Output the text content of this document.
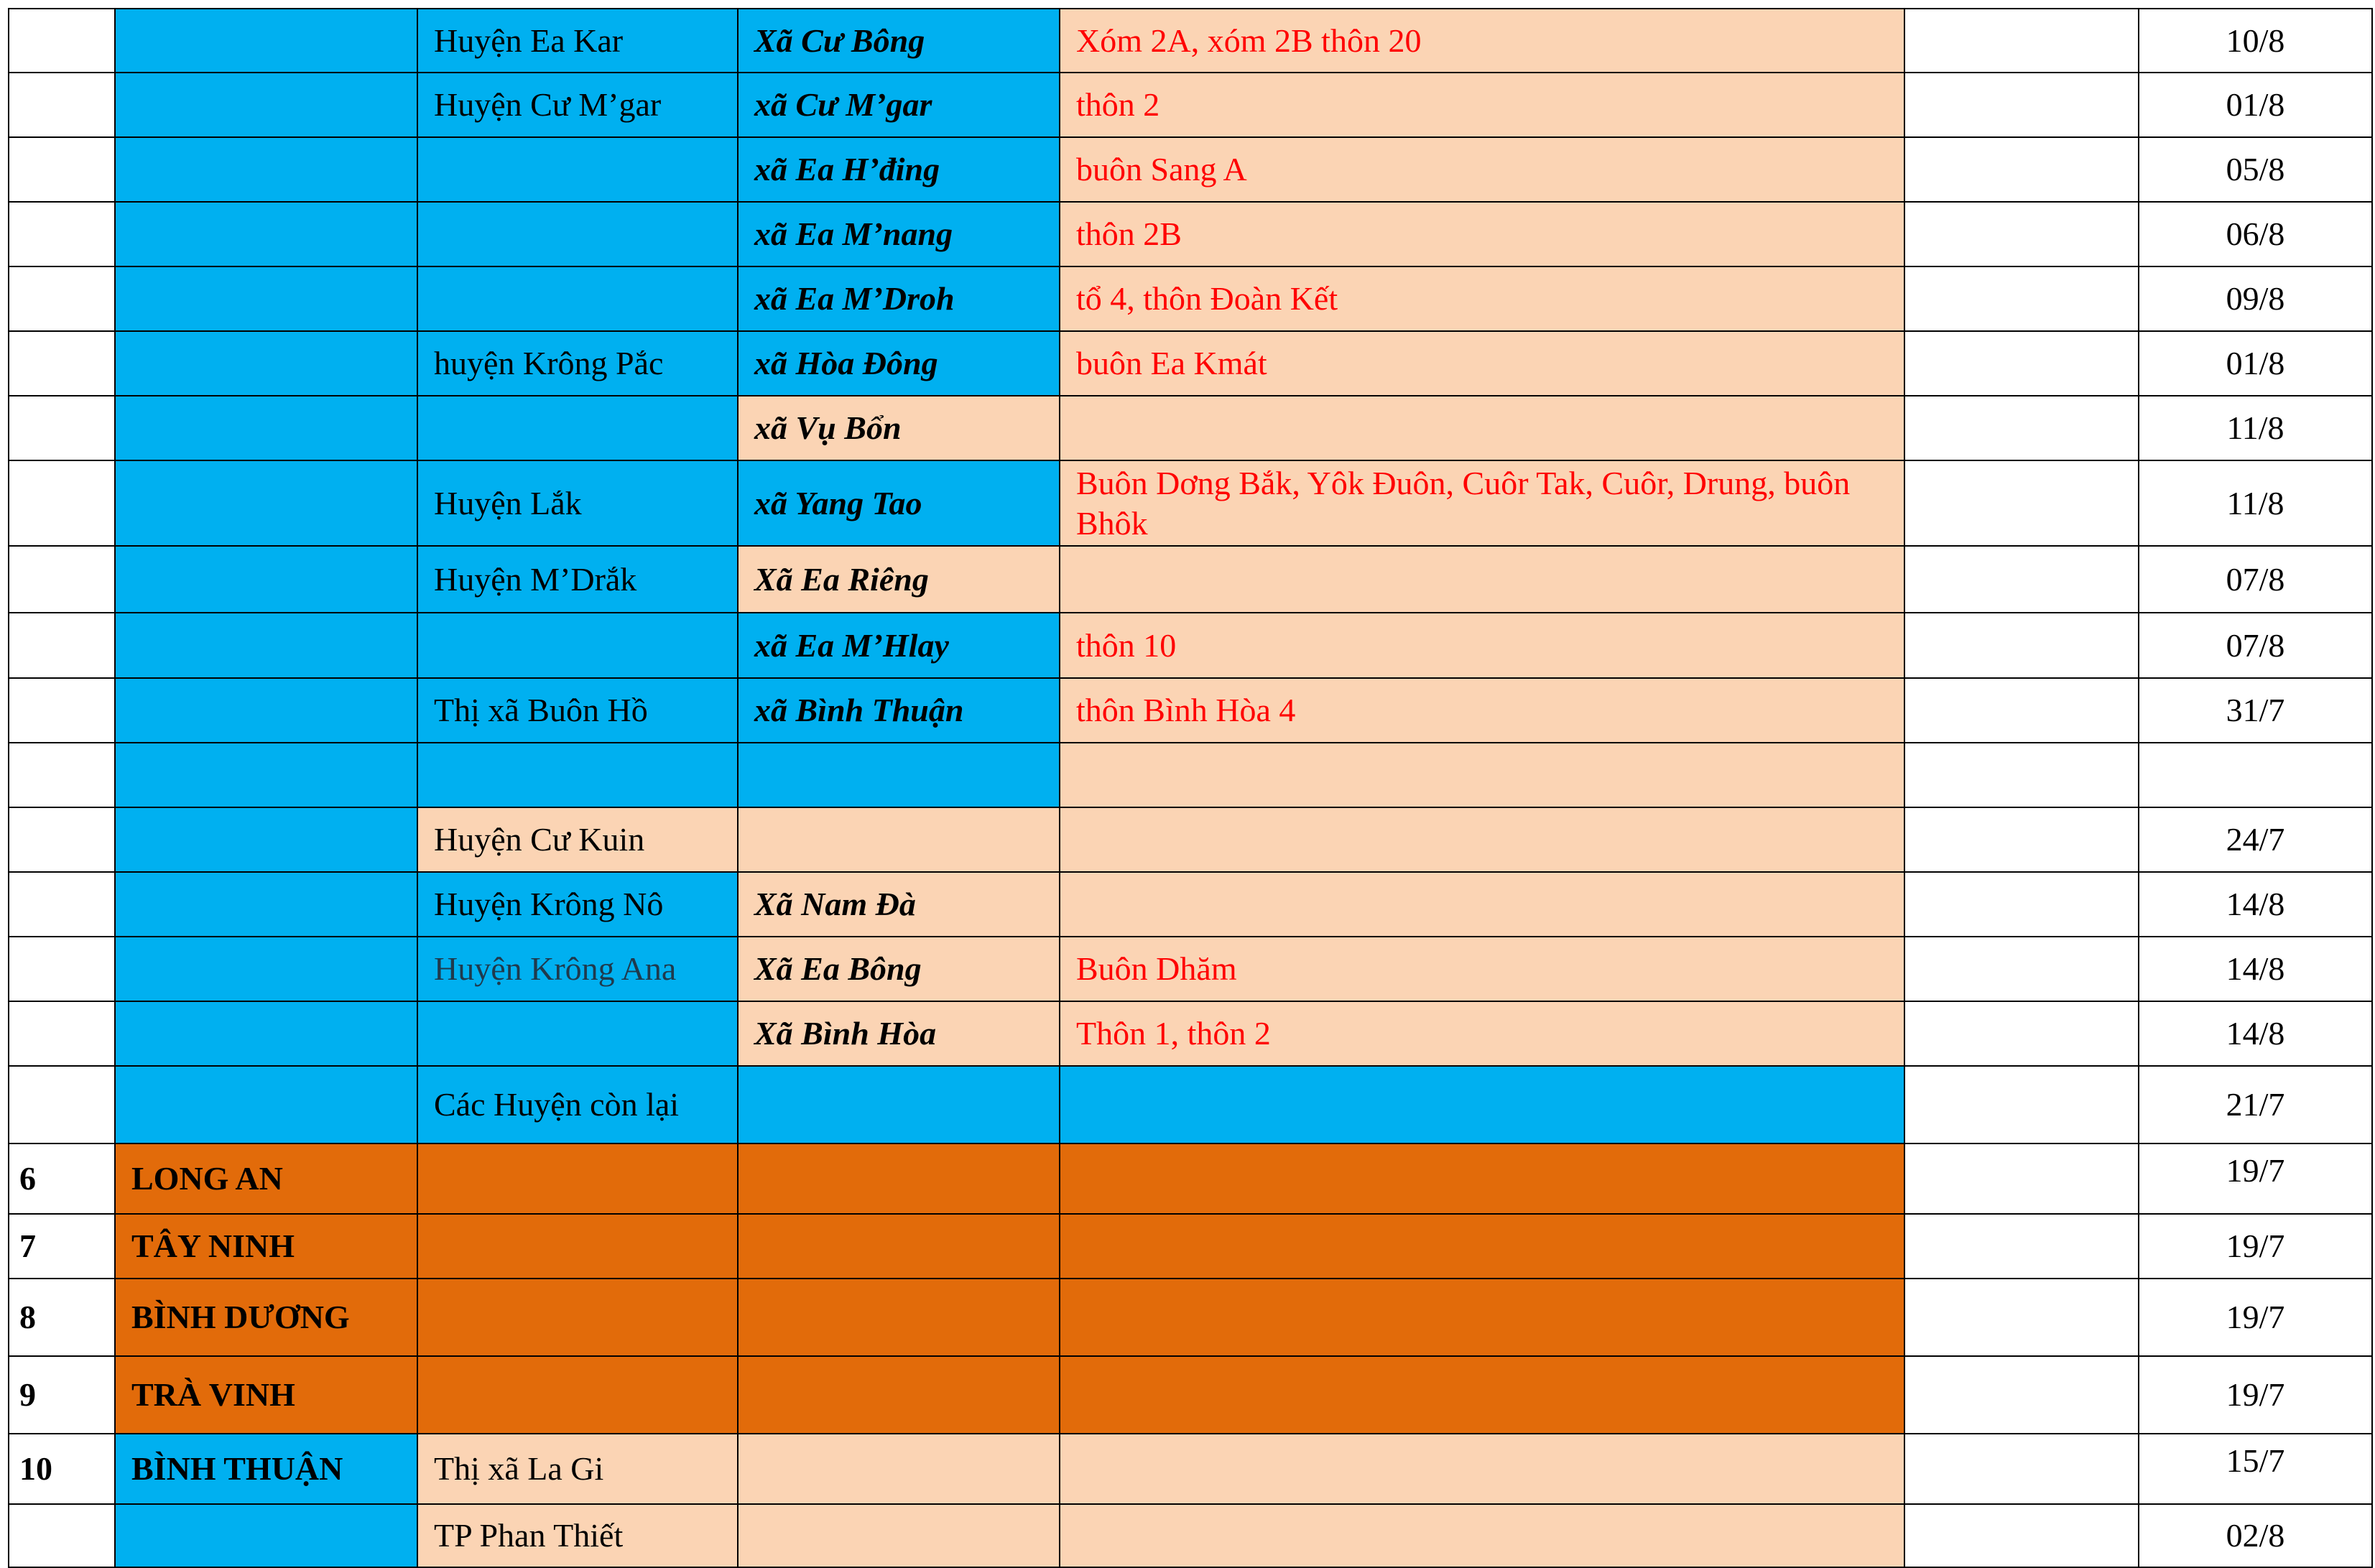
		Huyện Ea Kar	Xã Cư Bông	Xóm 2A, xóm 2B thôn 20		10/8
		Huyện Cư M’gar	xã Cư M’gar	thôn 2		01/8
			xã Ea H’đing	buôn Sang A		05/8
			xã Ea M’nang	thôn 2B		06/8
			xã Ea M’Droh	tổ 4, thôn Đoàn Kết		09/8
		huyện Krông Pắc	xã Hòa Đông	buôn Ea Kmát		01/8
			xã Vụ Bổn			11/8
		Huyện Lắk	xã Yang Tao	Buôn Dơng Bắk, Yôk Đuôn, Cuôr Tak, Cuôr, Drung, buôn Bhôk		11/8
		Huyện M’Drắk	Xã Ea Riêng			07/8
			xã Ea M’Hlay	thôn 10		07/8
		Thị xã Buôn Hồ	xã Bình Thuận	thôn Bình Hòa 4		31/7

		Huyện Cư Kuin				24/7
		Huyện Krông Nô	Xã Nam Đà			14/8
		Huyện Krông Ana	Xã Ea Bông	Buôn Dhăm		14/8
			Xã Bình Hòa	Thôn 1, thôn 2		14/8
		Các Huyện còn lại				21/7
6	LONG AN					19/7
7	TÂY NINH					19/7
8	BÌNH DƯƠNG					19/7
9	TRÀ VINH					19/7
10	BÌNH THUẬN	Thị xã La Gi				15/7
		TP Phan Thiết				02/8
